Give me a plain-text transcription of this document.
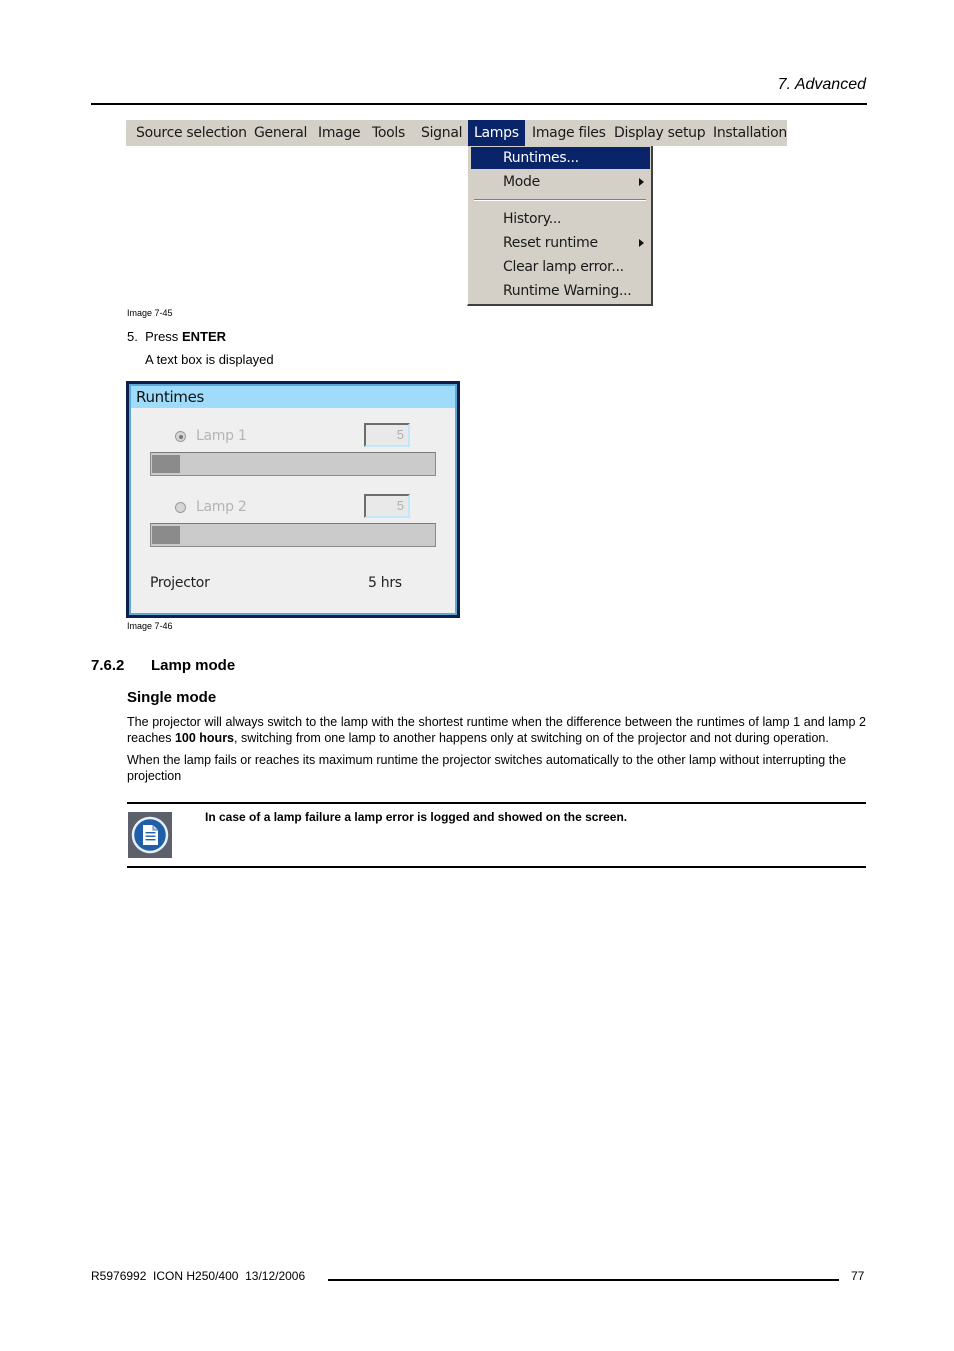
7. Advanced
Source selection General Image Tools Signal Lamps Image files Display setup Installation
Runtimes...
Mode
History...
Reset runtime
Clear lamp error...
Runtime Warning...
Image 7-45
5. Press ENTER
A text box is displayed
Runtimes
Lamp 1	5
Lamp 2	5
Projector	5 hrs
Image 7-46
7.6.2 Lamp mode
Single mode
The projector will always switch to the lamp with the shortest runtime when the difference between the runtimes of lamp 1 and lamp 2 reaches 100 hours, switching from one lamp to another happens only at switching on of the projector and not during operation.
When the lamp fails or reaches its maximum runtime the projector switches automatically to the other lamp without interrupting the projection
In case of a lamp failure a lamp error is logged and showed on the screen.
R5976992  ICON H250/400  13/12/2006	77
